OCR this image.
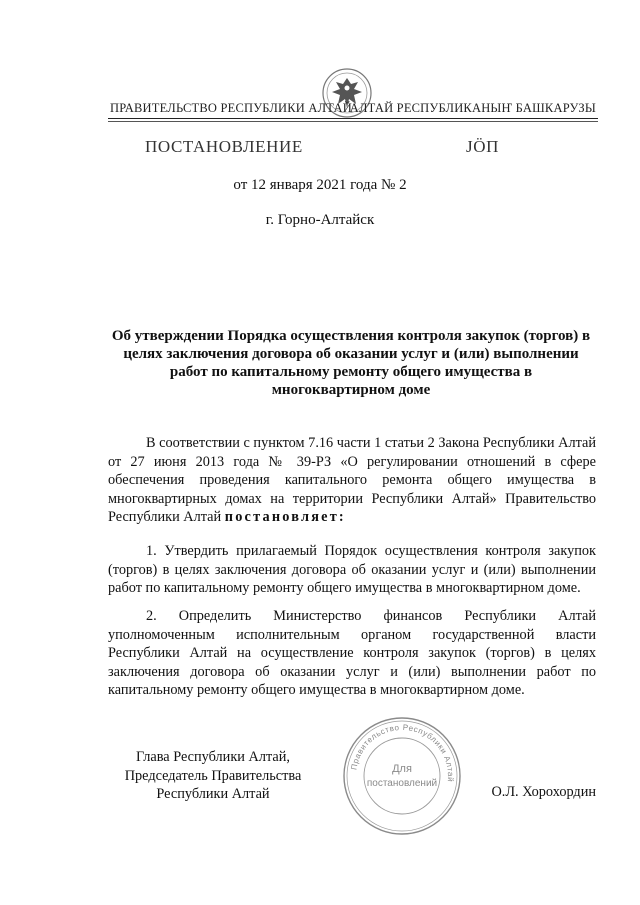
ПРАВИТЕЛЬСТВО РЕСПУБЛИКИ АЛТАЙ
АЛТАЙ РЕСПУБЛИКАНЫҤ БАШКАРУЗЫ
ПОСТАНОВЛЕНИЕ	JӦП
от 12 января 2021 года № 2
г. Горно-Алтайск
Об утверждении Порядка осуществления контроля закупок (торгов) в целях заключения договора об оказании услуг и (или) выполнении работ по капитальному ремонту общего имущества в многоквартирном доме
В соответствии с пунктом 7.16 части 1 статьи 2 Закона Республики Алтай от 27 июня 2013 года № 39-РЗ «О регулировании отношений в сфере обеспечения проведения капитального ремонта общего имущества в многоквартирных домах на территории Республики Алтай» Правительство Республики Алтай постановляет:
1. Утвердить прилагаемый Порядок осуществления контроля закупок (торгов) в целях заключения договора об оказании услуг и (или) выполнении работ по капитальному ремонту общего имущества в многоквартирном доме.
2. Определить Министерство финансов Республики Алтай уполномоченным исполнительным органом государственной власти Республики Алтай на осуществление контроля закупок (торгов) в целях заключения договора об оказании услуг и (или) выполнении работ по капитальному ремонту общего имущества в многоквартирном доме.
Глава Республики Алтай,
Председатель Правительства
Республики Алтай
Правительство Республики Алтай
Для
постановлений
О.Л. Хорохордин
